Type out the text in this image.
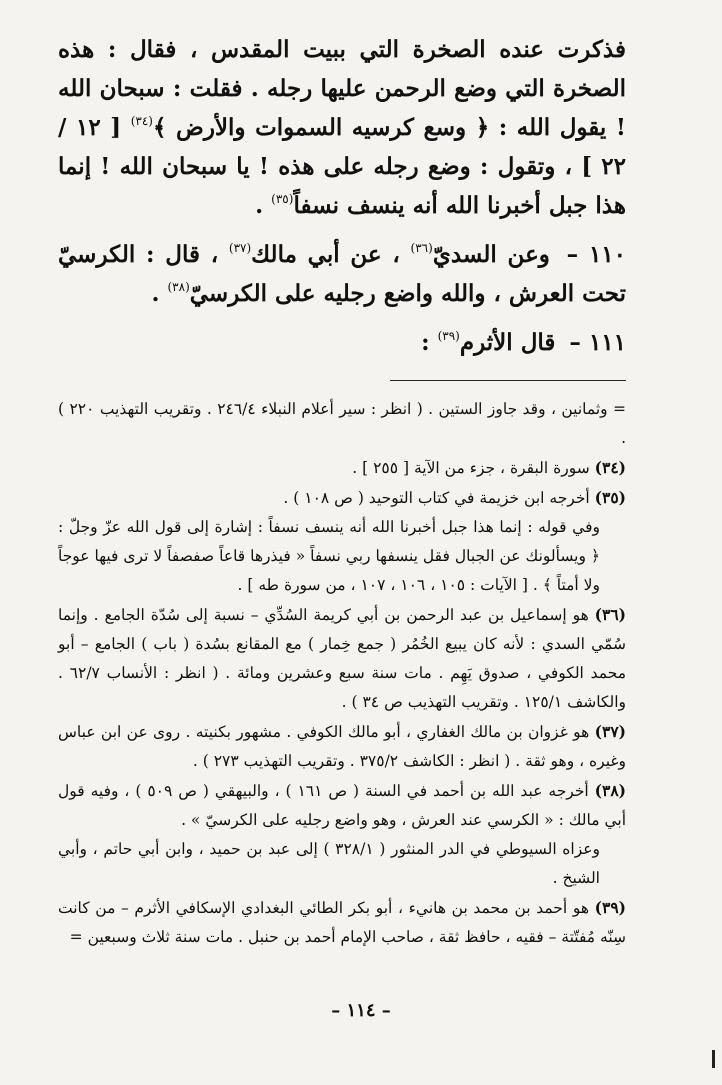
فذكرت عنده الصخرة التي ببيت المقدس ، فقال : هذه الصخرة التي وضع الرحمن عليها رجله . فقلت : سبحان الله ! يقول الله : ﴿ وسع كرسيه السموات والأرض ﴾$^{(٣٤)}$ [ ١٢ / ٢٢ ] ، وتقول : وضع رجله على هذه ! يا سبحان الله ! إنما هذا جبل أخبرنا الله أنه ينسف نسفاً$^{(٣٥)}$ .

١١٠ – وعن السديّ$^{(٣٦)}$ ، عن أبي مالك$^{(٣٧)}$ ، قال : الكرسيّ تحت العرش ، والله واضع رجليه على الكرسيّ$^{(٣٨)}$ .

١١١ – قال الأثرم$^{(٣٩)}$ :

= وثمانين ، وقد جاوز الستين . ( انظر : سير أعلام النبلاء ٢٤٦/٤ . وتقريب التهذيب ٢٢٠ ) .

(٣٤) سورة البقرة ، جزء من الآية [ ٢٥٥ ] .

(٣٥) أخرجه ابن خزيمة في كتاب التوحيد ( ص ١٠٨ ) .

وفي قوله : إنما هذا جبل أخبرنا الله أنه ينسف نسفاً : إشارة إلى قول الله عزّ وجلّ : ﴿ ويسألونك عن الجبال فقل ينسفها ربي نسفاً « فيذرها قاعاً صفصفاً لا ترى فيها عوجاً ولا أمتاً ﴾ . [ الآيات : ١٠٥ ، ١٠٦ ، ١٠٧ ، من سورة طه ] .

(٣٦) هو إسماعيل بن عبد الرحمن بن أبي كريمة السُدِّي – نسبة إلى سُدّة الجامع . وإنما سُمّي السدي : لأنه كان يبيع الخُمُر ( جمع خِمار ) مع المقانع بسُدة ( باب ) الجامع – أبو محمد الكوفي ، صدوق يَهِم . مات سنة سبع وعشرين ومائة . ( انظر : الأنساب ٦٢/٧ . والكاشف ١٢٥/١ . وتقريب التهذيب ص ٣٤ ) .

(٣٧) هو غزوان بن مالك الغفاري ، أبو مالك الكوفي . مشهور بكنيته . روى عن ابن عباس وغيره ، وهو ثقة . ( انظر : الكاشف ٣٧٥/٢ . وتقريب التهذيب ٢٧٣ ) .

(٣٨) أخرجه عبد الله بن أحمد في السنة ( ص ١٦١ ) ، والبيهقي ( ص ٥٠٩ ) ، وفيه قول أبي مالك : « الكرسي عند العرش ، وهو واضع رجليه على الكرسيّ » .

وعزاه السيوطي في الدر المنثور ( ٣٢٨/١ ) إلى عبد بن حميد ، وابن أبي حاتم ، وأبي الشيخ .

(٣٩) هو أحمد بن محمد بن هانيء ، أبو بكر الطائي البغدادي الإسكافي الأثرم – من كانت سِنّه مُفتّتة – فقيه ، حافظ ثقة ، صاحب الإمام أحمد بن حنبل . مات سنة ثلاث وسبعين =

– ١١٤ –
